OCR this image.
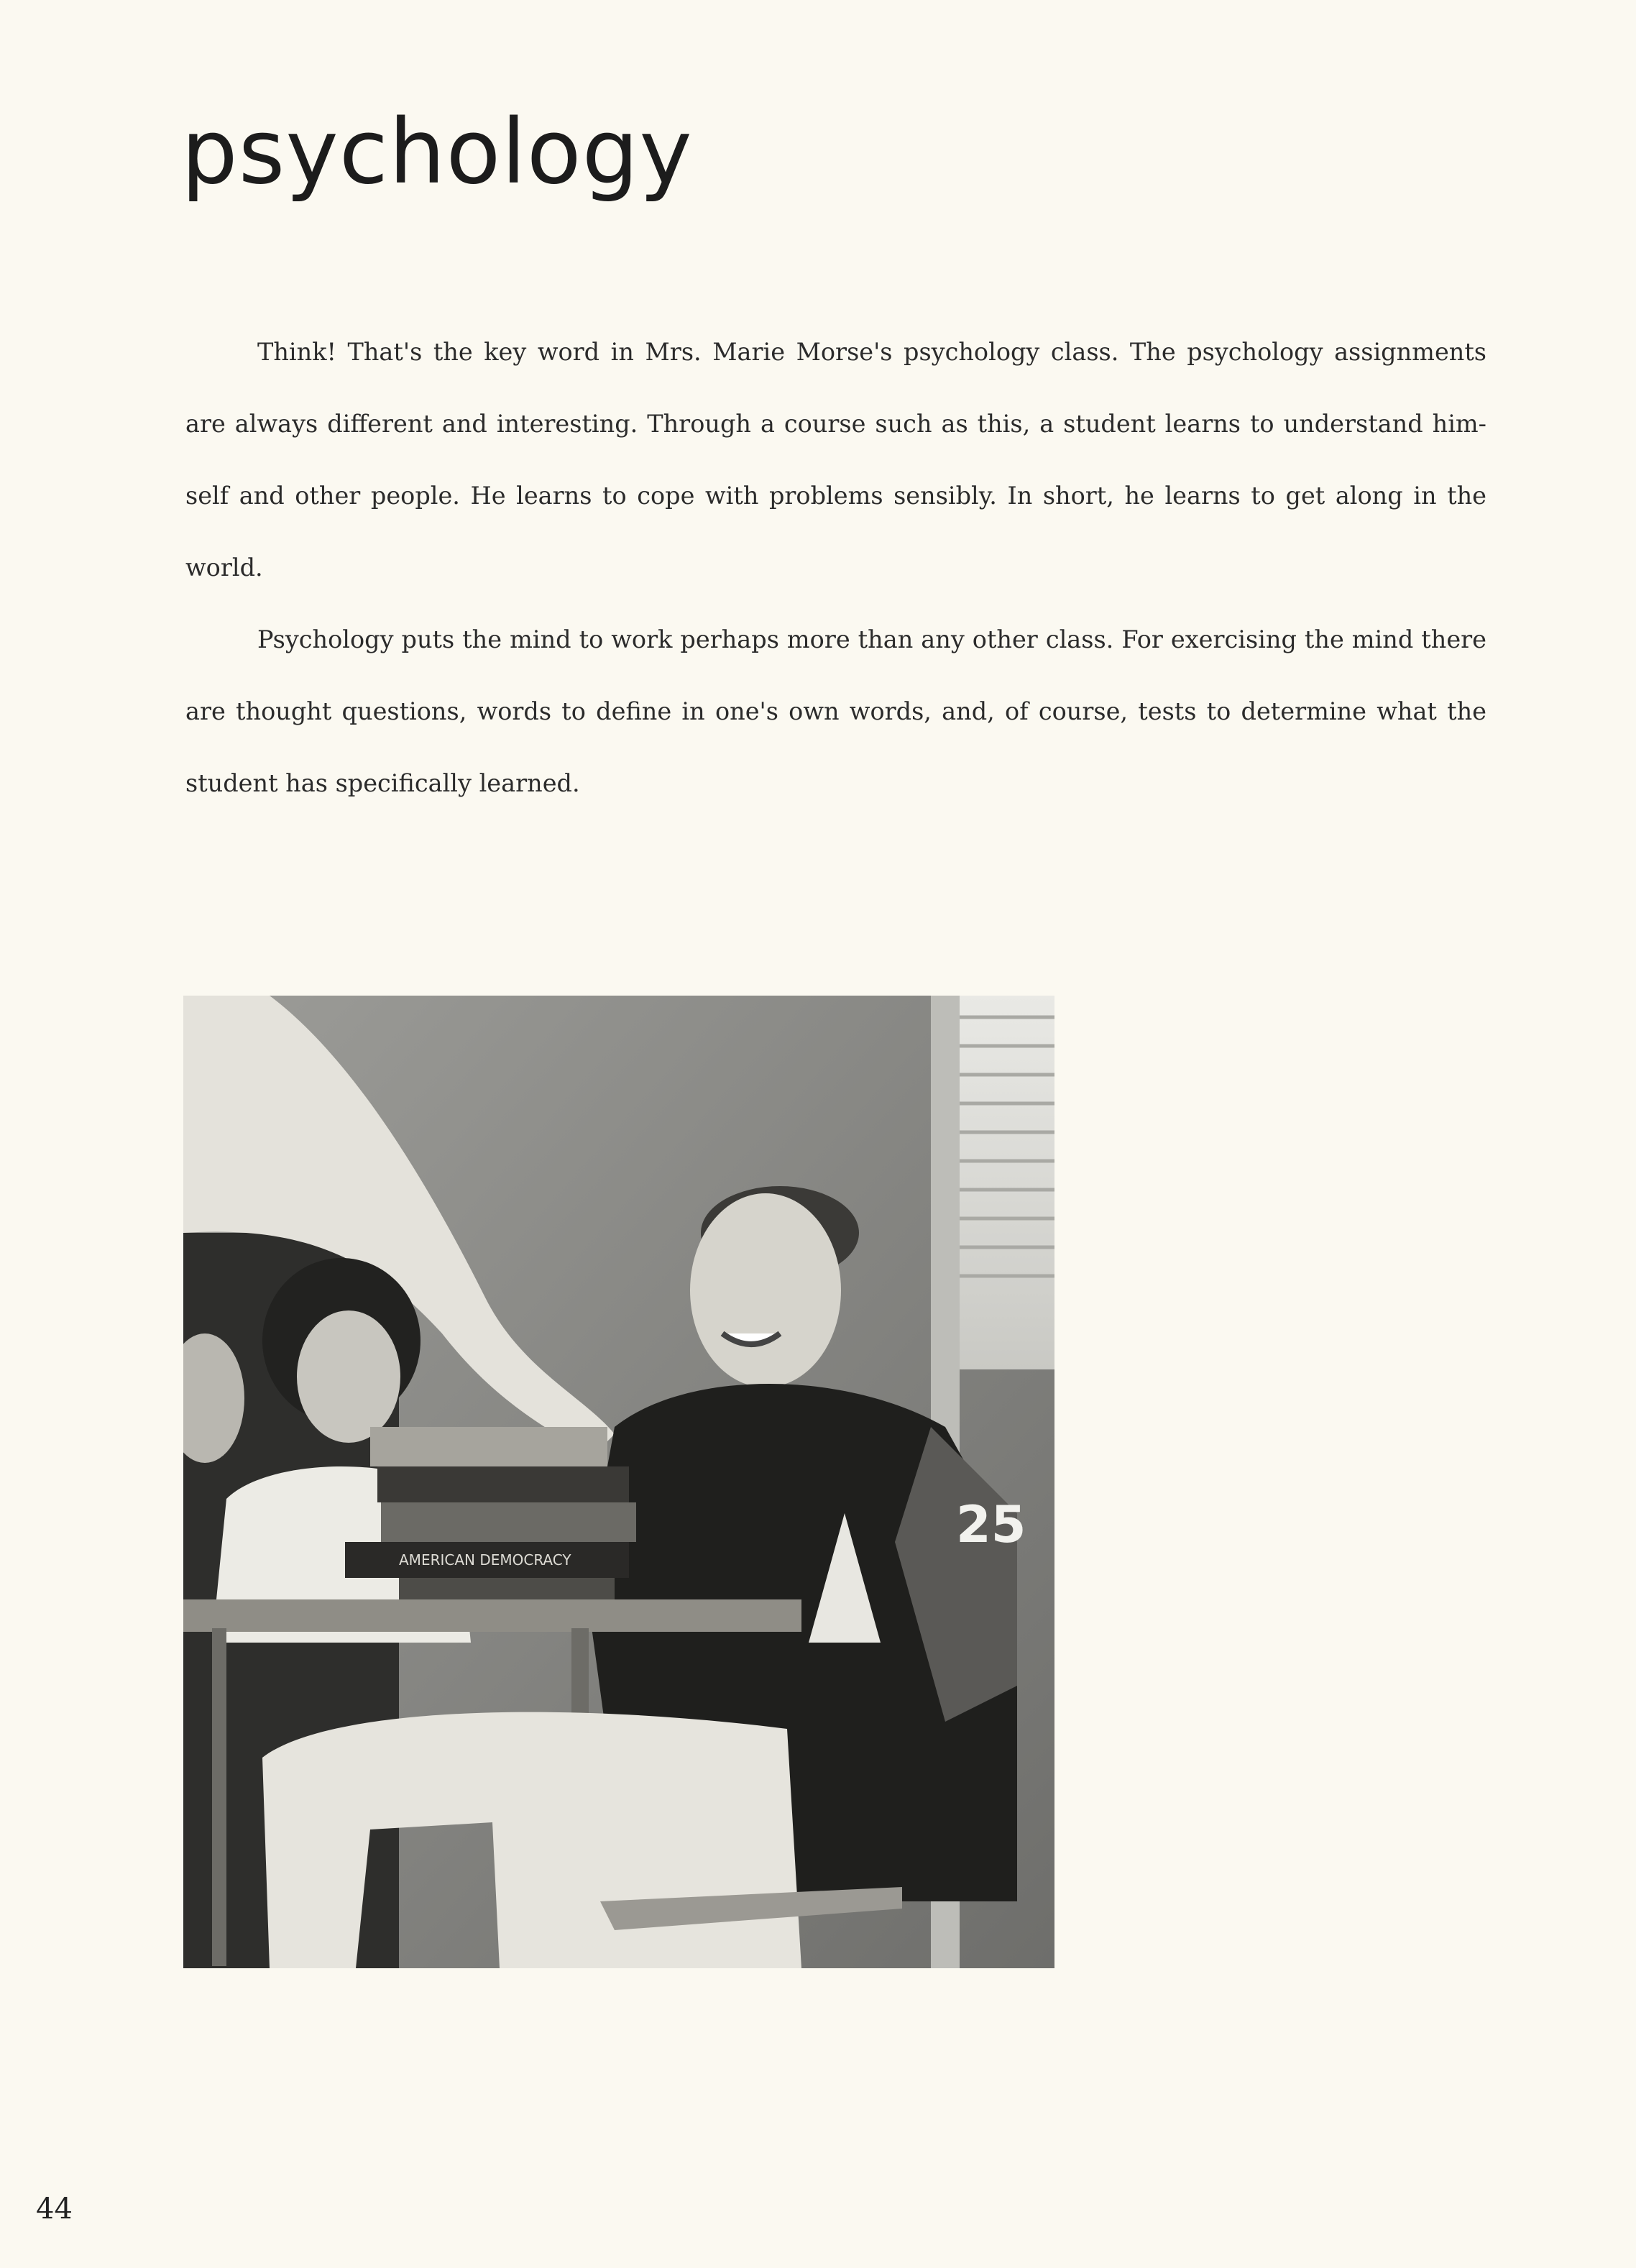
psychology

Think! That's the key word in Mrs. Marie Morse's psychology class. The psychology assignments are always different and interesting. Through a course such as this, a student learns to understand him-self and other people. He learns to cope with problems sensibly. In short, he learns to get along in the world.

Psychology puts the mind to work perhaps more than any other class. For exercising the mind there are thought questions, words to define in one's own words, and, of course, tests to determine what the student has specifically learned.

25
AMERICAN DEMOCRACY
44
